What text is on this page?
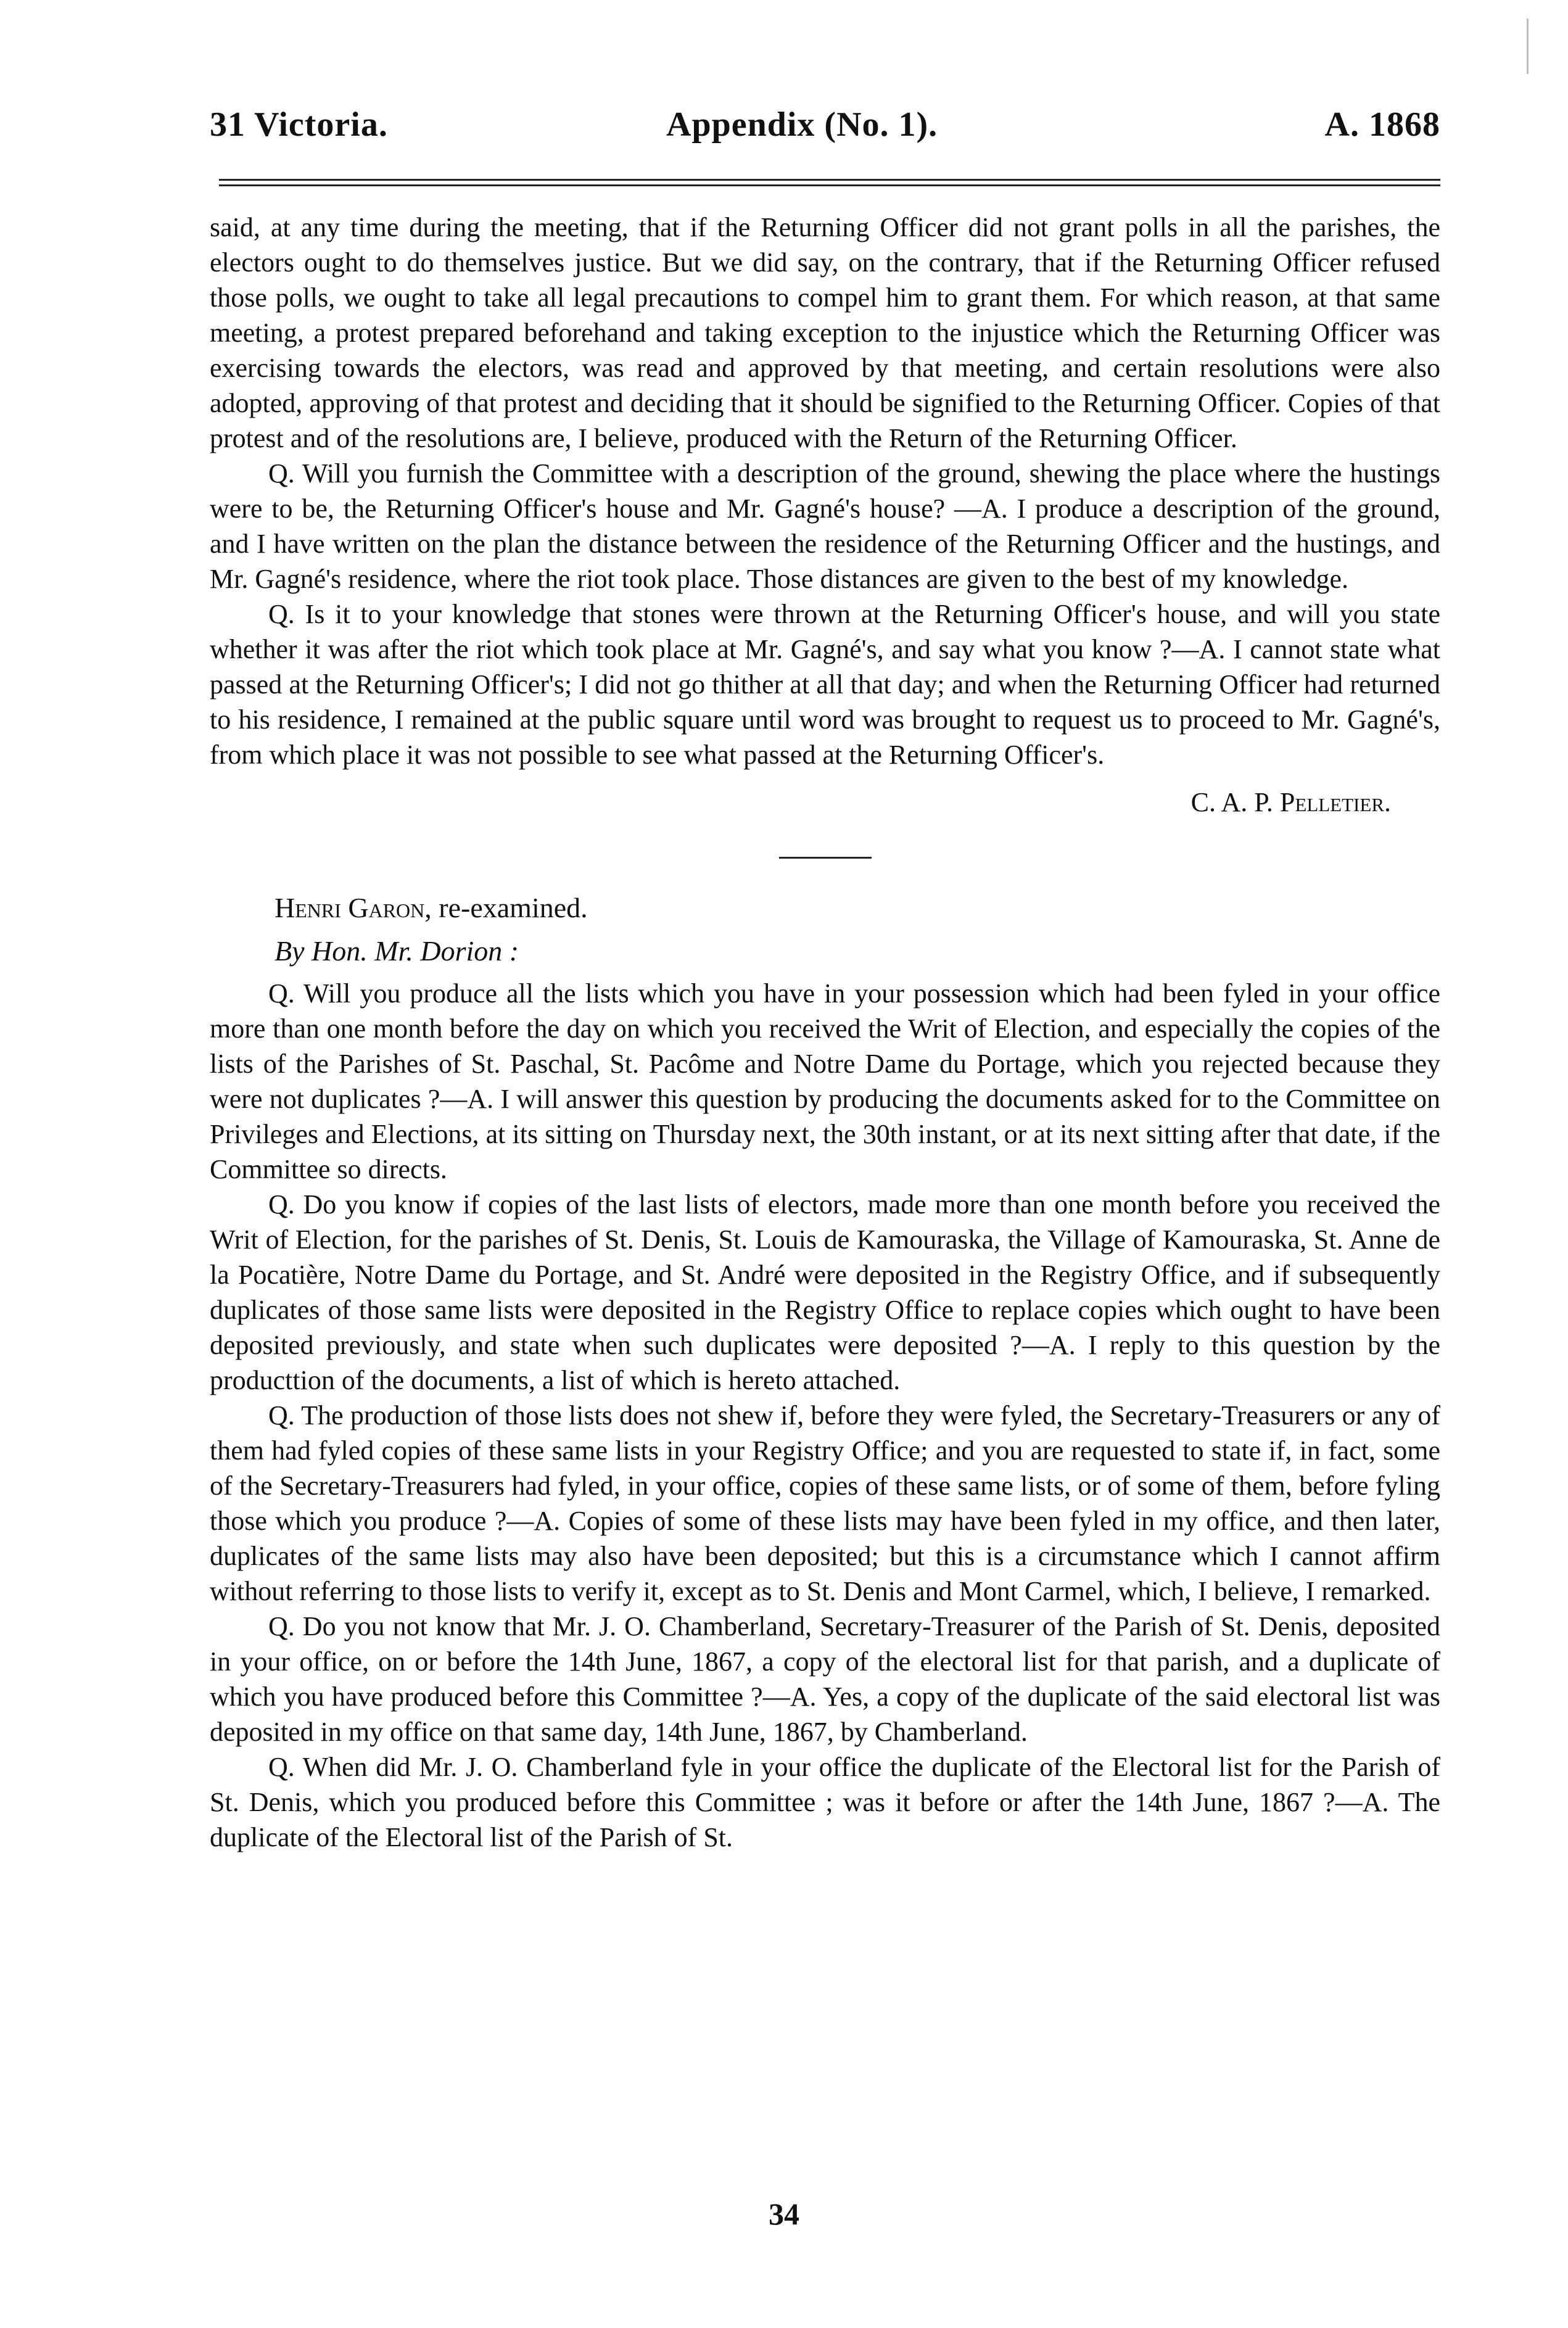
31 Victoria.	Appendix (No. 1).	A. 1868

said, at any time during the meeting, that if the Returning Officer did not grant polls in all the parishes, the electors ought to do themselves justice. But we did say, on the contrary, that if the Returning Officer refused those polls, we ought to take all legal precautions to compel him to grant them. For which reason, at that same meeting, a protest prepared beforehand and taking exception to the injustice which the Returning Officer was exercising towards the electors, was read and approved by that meeting, and certain resolutions were also adopted, approving of that protest and deciding that it should be signified to the Returning Officer. Copies of that protest and of the resolutions are, I believe, produced with the Return of the Returning Officer.

Q. Will you furnish the Committee with a description of the ground, shewing the place where the hustings were to be, the Returning Officer's house and Mr. Gagné's house? —A. I produce a description of the ground, and I have written on the plan the distance between the residence of the Returning Officer and the hustings, and Mr. Gagné's residence, where the riot took place. Those distances are given to the best of my knowledge.

Q. Is it to your knowledge that stones were thrown at the Returning Officer's house, and will you state whether it was after the riot which took place at Mr. Gagné's, and say what you know ?—A. I cannot state what passed at the Returning Officer's; I did not go thither at all that day; and when the Returning Officer had returned to his residence, I remained at the public square until word was brought to request us to proceed to Mr. Gagné's, from which place it was not possible to see what passed at the Returning Officer's.

C. A. P. Pelletier.
Henri Garon, re-examined.
By Hon. Mr. Dorion :

Q. Will you produce all the lists which you have in your possession which had been fyled in your office more than one month before the day on which you received the Writ of Election, and especially the copies of the lists of the Parishes of St. Paschal, St. Pacôme and Notre Dame du Portage, which you rejected because they were not duplicates ?—A. I will answer this question by producing the documents asked for to the Committee on Privileges and Elections, at its sitting on Thursday next, the 30th instant, or at its next sitting after that date, if the Committee so directs.

Q. Do you know if copies of the last lists of electors, made more than one month before you received the Writ of Election, for the parishes of St. Denis, St. Louis de Kamouraska, the Village of Kamouraska, St. Anne de la Pocatière, Notre Dame du Portage, and St. André were deposited in the Registry Office, and if subsequently duplicates of those same lists were deposited in the Registry Office to replace copies which ought to have been deposited previously, and state when such duplicates were deposited ?—A. I reply to this question by the producttion of the documents, a list of which is hereto attached.

Q. The production of those lists does not shew if, before they were fyled, the Secretary-Treasurers or any of them had fyled copies of these same lists in your Registry Office; and you are requested to state if, in fact, some of the Secretary-Treasurers had fyled, in your office, copies of these same lists, or of some of them, before fyling those which you produce ?—A. Copies of some of these lists may have been fyled in my office, and then later, duplicates of the same lists may also have been deposited; but this is a circumstance which I cannot affirm without referring to those lists to verify it, except as to St. Denis and Mont Carmel, which, I believe, I remarked.

Q. Do you not know that Mr. J. O. Chamberland, Secretary-Treasurer of the Parish of St. Denis, deposited in your office, on or before the 14th June, 1867, a copy of the electoral list for that parish, and a duplicate of which you have produced before this Committee ?—A. Yes, a copy of the duplicate of the said electoral list was deposited in my office on that same day, 14th June, 1867, by Chamberland.

Q. When did Mr. J. O. Chamberland fyle in your office the duplicate of the Electoral list for the Parish of St. Denis, which you produced before this Committee ; was it before or after the 14th June, 1867 ?—A. The duplicate of the Electoral list of the Parish of St.

34
